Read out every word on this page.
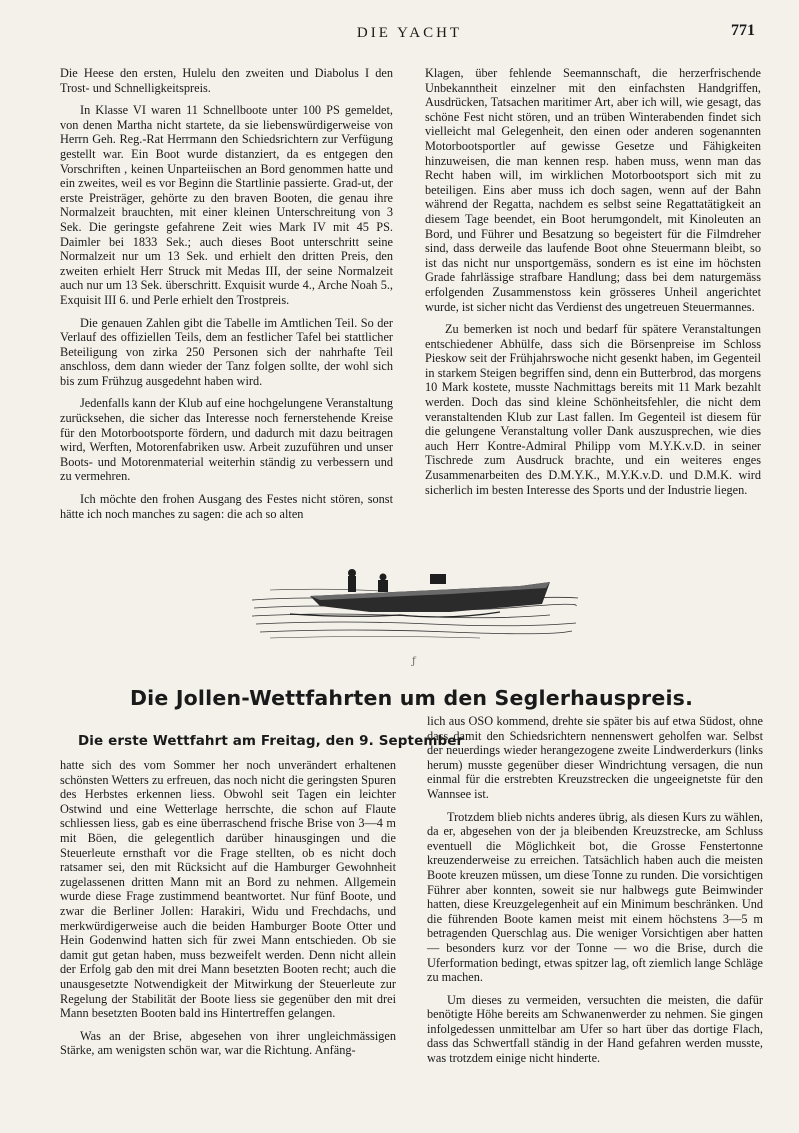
DIE YACHT	771

Die Heese den ersten, Hulelu den zweiten und Diabolus I den Trost- und Schnelligkeitspreis.

In Klasse VI waren 11 Schnellboote unter 100 PS gemeldet, von denen Martha nicht startete, da sie liebenswürdigerweise von Herrn Geh. Reg.-Rat Herrmann den Schiedsrichtern zur Verfügung gestellt war. Ein Boot wurde distanziert, da es entgegen den Vorschriften , keinen Unparteiischen an Bord genommen hatte und ein zweites, weil es vor Beginn die Startlinie passierte. Grad-ut, der erste Preisträger, gehörte zu den braven Booten, die genau ihre Normalzeit brauchten, mit einer kleinen Unterschreitung von 3 Sek. Die geringste gefahrene Zeit wies Mark IV mit 45 PS. Daimler bei 1833 Sek.; auch dieses Boot unterschritt seine Normalzeit nur um 13 Sek. und erhielt den dritten Preis, den zweiten erhielt Herr Struck mit Medas III, der seine Normalzeit auch nur um 13 Sek. überschritt. Exquisit wurde 4., Arche Noah 5., Exquisit III 6. und Perle erhielt den Trostpreis.

Die genauen Zahlen gibt die Tabelle im Amtlichen Teil. So der Verlauf des offiziellen Teils, dem an festlicher Tafel bei stattlicher Beteiligung von zirka 250 Personen sich der nahrhafte Teil anschloss, dem dann wieder der Tanz folgen sollte, der wohl sich bis zum Frühzug ausgedehnt haben wird.

Jedenfalls kann der Klub auf eine hochgelungene Veranstaltung zurücksehen, die sicher das Interesse noch fernerstehende Kreise für den Motorbootsporte fördern, und dadurch mit dazu beitragen wird, Werften, Motorenfabriken usw. Arbeit zuzuführen und unser Boots- und Motorenmaterial weiterhin ständig zu verbessern und zu vermehren.

Ich möchte den frohen Ausgang des Festes nicht stören, sonst hätte ich noch manches zu sagen: die ach so alten

Klagen, über fehlende Seemannschaft, die herzerfrischende Unbekanntheit einzelner mit den einfachsten Handgriffen, Ausdrücken, Tatsachen maritimer Art, aber ich will, wie gesagt, das schöne Fest nicht stören, und an trüben Winterabenden findet sich vielleicht mal Gelegenheit, den einen oder anderen sogenannten Motorbootsportler auf gewisse Gesetze und Fähigkeiten hinzuweisen, die man kennen resp. haben muss, wenn man das Recht haben will, im wirklichen Motorbootsport sich mit zu beteiligen. Eins aber muss ich doch sagen, wenn auf der Bahn während der Regatta, nachdem es selbst seine Regattatätigkeit an diesem Tage beendet, ein Boot herumgondelt, mit Kinoleuten an Bord, und Führer und Besatzung so begeistert für die Filmdreher sind, dass derweile das laufende Boot ohne Steuermann bleibt, so ist das nicht nur unsportgemäss, sondern es ist eine im höchsten Grade fahrlässige strafbare Handlung; dass bei dem naturgemäss erfolgenden Zusammenstoss kein grösseres Unheil angerichtet wurde, ist sicher nicht das Verdienst des ungetreuen Steuermannes.

Zu bemerken ist noch und bedarf für spätere Veranstaltungen entschiedener Abhülfe, dass sich die Börsenpreise im Schloss Pieskow seit der Frühjahrswoche nicht gesenkt haben, im Gegenteil in starkem Steigen begriffen sind, denn ein Butterbrod, das morgens 10 Mark kostete, musste Nachmittags bereits mit 11 Mark bezahlt werden. Doch das sind kleine Schönheitsfehler, die nicht dem veranstaltenden Klub zur Last fallen. Im Gegenteil ist diesem für die gelungene Veranstaltung voller Dank auszusprechen, wie dies auch Herr Kontre-Admiral Philipp vom M.Y.K.v.D. in seiner Tischrede zum Ausdruck brachte, und ein weiteres enges Zusammenarbeiten des D.M.Y.K., M.Y.K.v.D. und D.M.K. wird sicherlich im besten Interesse des Sports und der Industrie liegen.

ƒ
Die Jollen-Wettfahrten um den Seglerhauspreis.
Die erste Wettfahrt am Freitag, den 9. September

hatte sich des vom Sommer her noch unverändert erhaltenen schönsten Wetters zu erfreuen, das noch nicht die geringsten Spuren des Herbstes erkennen liess. Obwohl seit Tagen ein leichter Ostwind und eine Wetterlage herrschte, die schon auf Flaute schliessen liess, gab es eine überraschend frische Brise von 3—4 m mit Böen, die gelegentlich darüber hinausgingen und die Steuerleute ernsthaft vor die Frage stellten, ob es nicht doch ratsamer sei, den mit Rücksicht auf die Hamburger Gewohnheit zugelassenen dritten Mann mit an Bord zu nehmen. Allgemein wurde diese Frage zustimmend beantwortet. Nur fünf Boote, und zwar die Berliner Jollen: Harakiri, Widu und Frechdachs, und merkwürdigerweise auch die beiden Hamburger Boote Otter und Hein Godenwind hatten sich für zwei Mann entschieden. Ob sie damit gut getan haben, muss bezweifelt werden. Denn nicht allein der Erfolg gab den mit drei Mann besetzten Booten recht; auch die unausgesetzte Notwendigkeit der Mitwirkung der Steuerleute zur Regelung der Stabilität der Boote liess sie gegenüber den mit drei Mann besetzten Booten bald ins Hintertreffen gelangen.

Was an der Brise, abgesehen von ihrer ungleichmässigen Stärke, am wenigsten schön war, war die Richtung. Anfäng-

lich aus OSO kommend, drehte sie später bis auf etwa Südost, ohne dass damit den Schiedsrichtern nennenswert geholfen war. Selbst der neuerdings wieder herangezogene zweite Lindwerderkurs (links herum) musste gegenüber dieser Windrichtung versagen, die nun einmal für die erstrebten Kreuzstrecken die ungeeignetste für den Wannsee ist.

Trotzdem blieb nichts anderes übrig, als diesen Kurs zu wählen, da er, abgesehen von der ja bleibenden Kreuzstrecke, am Schluss eventuell die Möglichkeit bot, die Grosse Fenstertonne kreuzenderweise zu erreichen. Tatsächlich haben auch die meisten Boote kreuzen müssen, um diese Tonne zu runden. Die vorsichtigen Führer aber konnten, soweit sie nur halbwegs gute Beimwinder hatten, diese Kreuzgelegenheit auf ein Minimum beschränken. Und die führenden Boote kamen meist mit einem höchstens 3—5 m betragenden Querschlag aus. Die weniger Vorsichtigen aber hatten — besonders kurz vor der Tonne — wo die Brise, durch die Uferformation bedingt, etwas spitzer lag, oft ziemlich lange Schläge zu machen.

Um dieses zu vermeiden, versuchten die meisten, die dafür benötigte Höhe bereits am Schwanenwerder zu nehmen. Sie gingen infolgedessen unmittelbar am Ufer so hart über das dortige Flach, dass das Schwertfall ständig in der Hand gefahren werden musste, was trotzdem einige nicht hinderte.
